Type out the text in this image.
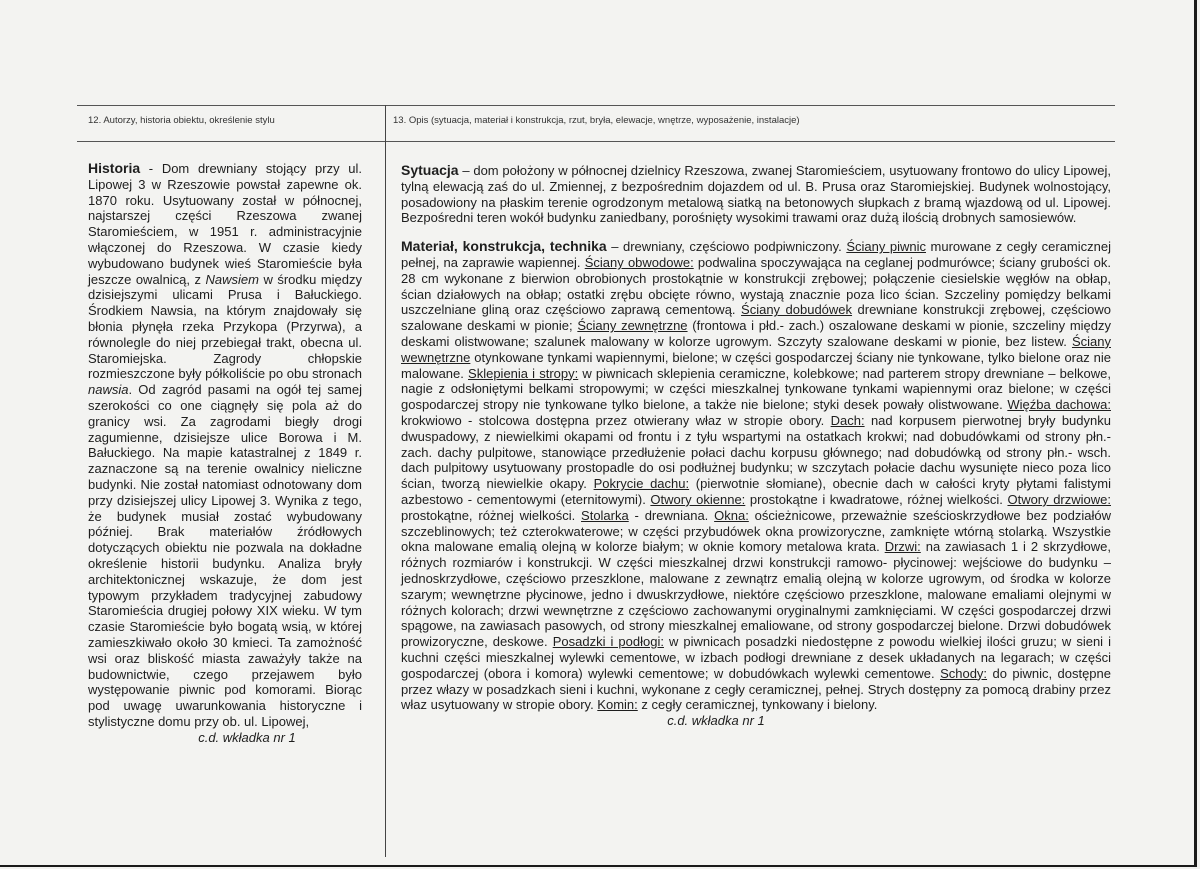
12. Autorzy, historia obiektu, określenie stylu	13. Opis (sytuacja, materiał i konstrukcja, rzut, bryła, elewacje, wnętrze, wyposażenie, instalacje)

Historia - Dom drewniany stojący przy ul. Lipowej 3 w Rzeszowie powstał zapewne ok. 1870 roku. Usytuowany został w północnej, najstarszej części Rzeszowa zwanej Staromieściem, w 1951 r. administracyjnie włączonej do Rzeszowa. W czasie kiedy wybudowano budynek wieś Staromieście była jeszcze owalnicą, z Nawsiem w środku między dzisiejszymi ulicami Prusa i Bałuckiego. Środkiem Nawsia, na którym znajdowały się błonia płynęła rzeka Przykopa (Przyrwa), a równolegle do niej przebiegał trakt, obecna ul. Staromiejska. Zagrody chłopskie rozmieszczone były półkoliście po obu stronach nawsia. Od zagród pasami na ogół tej samej szerokości co one ciągnęły się pola aż do granicy wsi. Za zagrodami biegły drogi zagumienne, dzisiejsze ulice Borowa i M. Bałuckiego. Na mapie katastralnej z 1849 r. zaznaczone są na terenie owalnicy nieliczne budynki. Nie został natomiast odnotowany dom przy dzisiejszej ulicy Lipowej 3. Wynika z tego, że budynek musiał zostać wybudowany później. Brak materiałów źródłowych dotyczących obiektu nie pozwala na dokładne określenie historii budynku. Analiza bryły architektonicznej wskazuje, że dom jest typowym przykładem tradycyjnej zabudowy Staromieścia drugiej połowy XIX wieku. W tym czasie Staromieście było bogatą wsią, w której zamieszkiwało około 30 kmieci. Ta zamożność wsi oraz bliskość miasta zaważyły także na budownictwie, czego przejawem było występowanie piwnic pod komorami. Biorąc pod uwagę uwarunkowania historyczne i stylistyczne domu przy ob. ul. Lipowej,

c.d. wkładka nr 1

Sytuacja – dom położony w północnej dzielnicy Rzeszowa, zwanej Staromieściem, usytuowany frontowo do ulicy Lipowej, tylną elewacją zaś do ul. Zmiennej, z bezpośrednim dojazdem od ul. B. Prusa oraz Staromiejskiej. Budynek wolnostojący, posadowiony na płaskim terenie ogrodzonym metalową siatką na betonowych słupkach z bramą wjazdową od ul. Lipowej. Bezpośredni teren wokół budynku zaniedbany, porośnięty wysokimi trawami oraz dużą ilością drobnych samosiewów.

Materiał, konstrukcja, technika – drewniany, częściowo podpiwniczony. Ściany piwnic murowane z cegły ceramicznej pełnej, na zaprawie wapiennej. Ściany obwodowe: podwalina spoczywająca na ceglanej podmurówce; ściany grubości ok. 28 cm wykonane z bierwion obrobionych prostokątnie w konstrukcji zrębowej; połączenie ciesielskie węgłów na obłap, ścian działowych na obłap; ostatki zrębu obcięte równo, wystają znacznie poza lico ścian. Szczeliny pomiędzy belkami uszczelniane gliną oraz częściowo zaprawą cementową. Ściany dobudówek drewniane konstrukcji zrębowej, częściowo szalowane deskami w pionie; Ściany zewnętrzne (frontowa i płd.- zach.) oszalowane deskami w pionie, szczeliny między deskami olistwowane; szalunek malowany w kolorze ugrowym. Szczyty szalowane deskami w pionie, bez listew. Ściany wewnętrzne otynkowane tynkami wapiennymi, bielone; w części gospodarczej ściany nie tynkowane, tylko bielone oraz nie malowane. Sklepienia i stropy: w piwnicach sklepienia ceramiczne, kolebkowe; nad parterem stropy drewniane – belkowe, nagie z odsłoniętymi belkami stropowymi; w części mieszkalnej tynkowane tynkami wapiennymi oraz bielone; w części gospodarczej stropy nie tynkowane tylko bielone, a także nie bielone; styki desek powały olistwowane. Więźba dachowa: krokwiowo - stolcowa dostępna przez otwierany właz w stropie obory. Dach: nad korpusem pierwotnej bryły budynku dwuspadowy, z niewielkimi okapami od frontu i z tyłu wspartymi na ostatkach krokwi; nad dobudówkami od strony płn.- zach. dachy pulpitowe, stanowiące przedłużenie połaci dachu korpusu głównego; nad dobudówką od strony płn.- wsch. dach pulpitowy usytuowany prostopadle do osi podłużnej budynku; w szczytach połacie dachu wysunięte nieco poza lico ścian, tworzą niewielkie okapy. Pokrycie dachu: (pierwotnie słomiane), obecnie dach w całości kryty płytami falistymi azbestowo - cementowymi (eternitowymi). Otwory okienne: prostokątne i kwadratowe, różnej wielkości. Otwory drzwiowe: prostokątne, różnej wielkości. Stolarka - drewniana. Okna: ościeżnicowe, przeważnie sześcioskrzydłowe bez podziałów szczeblinowych; też czterokwaterowe; w części przybudówek okna prowizoryczne, zamknięte wtórną stolarką. Wszystkie okna malowane emalią olejną w kolorze białym; w oknie komory metalowa krata. Drzwi: na zawiasach 1 i 2 skrzydłowe, różnych rozmiarów i konstrukcji. W części mieszkalnej drzwi konstrukcji ramowo- płycinowej: wejściowe do budynku – jednoskrzydłowe, częściowo przeszklone, malowane z zewnątrz emalią olejną w kolorze ugrowym, od środka w kolorze szarym; wewnętrzne płycinowe, jedno i dwuskrzydłowe, niektóre częściowo przeszklone, malowane emaliami olejnymi w różnych kolorach; drzwi wewnętrzne z częściowo zachowanymi oryginalnymi zamknięciami. W części gospodarczej drzwi spągowe, na zawiasach pasowych, od strony mieszkalnej emaliowane, od strony gospodarczej bielone. Drzwi dobudówek prowizoryczne, deskowe. Posadzki i podłogi: w piwnicach posadzki niedostępne z powodu wielkiej ilości gruzu; w sieni i kuchni części mieszkalnej wylewki cementowe, w izbach podłogi drewniane z desek układanych na legarach; w części gospodarczej (obora i komora) wylewki cementowe; w dobudówkach wylewki cementowe. Schody: do piwnic, dostępne przez włazy w posadzkach sieni i kuchni, wykonane z cegły ceramicznej, pełnej. Strych dostępny za pomocą drabiny przez właz usytuowany w stropie obory. Komin: z cegły ceramicznej, tynkowany i bielony.

c.d. wkładka nr 1
